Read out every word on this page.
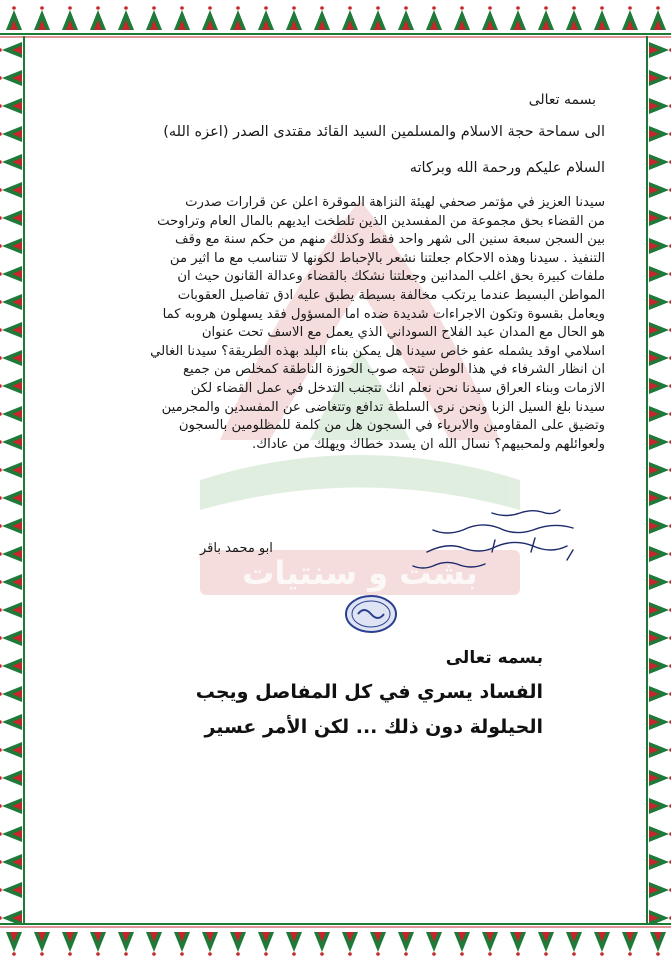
بشت و سنتيات
بسمه تعالى
الى سماحة حجة الاسلام والمسلمين السيد القائد مقتدى الصدر (اعزه الله)
السلام عليكم ورحمة الله وبركاته
سيدنا العزيز في مؤتمر صحفي لهيئة النزاهة الموقرة اعلن عن قرارات صدرت
من القضاء بحق مجموعة من المفسدين الذين تلطخت ايديهم بالمال العام وتراوحت
بين السجن سبعة سنين الى شهر واحد فقط وكذلك منهم من حكم سنة مع وقف
التنفيذ . سيدنا وهذه الاحكام جعلتنا نشعر بالإحباط لكونها لا تتناسب مع ما اثير من
ملفات كبيرة بحق اغلب المدانين وجعلتنا نشكك بالقضاء وعدالة القانون حيث ان
المواطن البسيط عندما يرتكب مخالفة بسيطة يطبق عليه ادق تفاصيل العقوبات
ويعامل بقسوة وتكون الاجراءات شديدة ضده اما المسؤول فقد يسهلون هروبه كما
هو الحال مع المدان عبد الفلاح السوداني الذي يعمل مع الاسف تحت عنوان
اسلامي اوقد يشمله عفو خاص سيدنا هل يمكن بناء البلد بهذه الطريقة؟ سيدنا الغالي
ان انظار الشرفاء في هذا الوطن تتجه صوب الحوزة الناطقة كمخلص من جميع
الازمات وبناء العراق سيدنا نحن نعلم انك تتجنب التدخل في عمل القضاء لكن
سيدنا بلغ السيل الزبا ونحن نرى السلطة تدافع وتتغاضى عن المفسدين والمجرمين
وتضيق على المقاومين والابرياء في السجون هل من كلمة للمظلومين بالسجون
ولعوائلهم ولمحبيهم؟ نسال الله ان يسدد خطاك ويهلك من عاداك.
ابو محمد باقر
بسمه تعالى
الفساد يسري في كل المفاصل ويجب
الحيلولة دون ذلك ... لكن الأمر عسير
